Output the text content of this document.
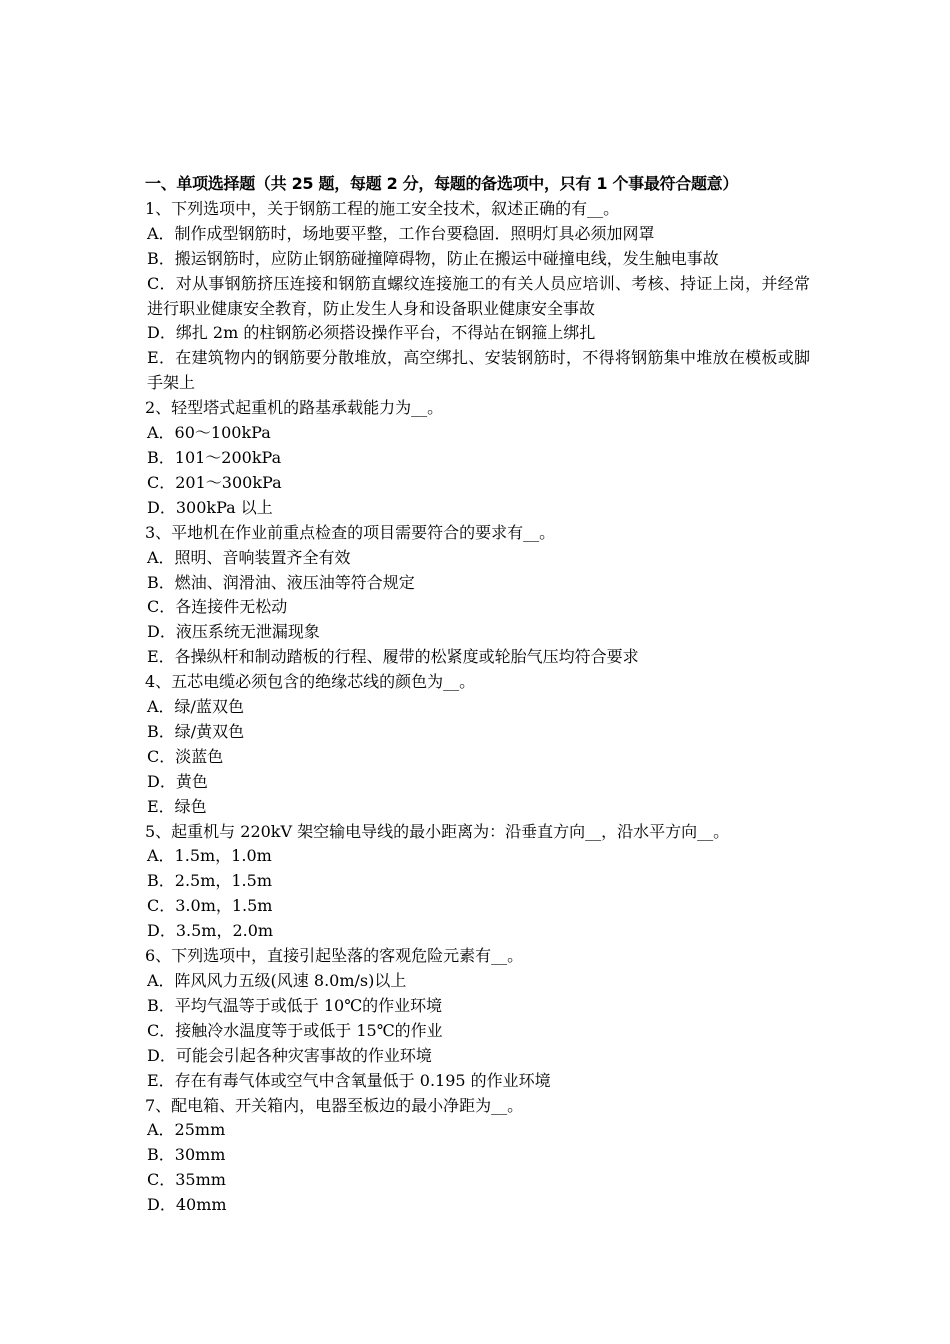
一、单项选择题（共 25 题，每题 2 分，每题的备选项中，只有 1 个事最符合题意）
1、下列选项中，关于钢筋工程的施工安全技术，叙述正确的有__。
A．制作成型钢筋时，场地要平整，工作台要稳固．照明灯具必须加网罩
B．搬运钢筋时，应防止钢筋碰撞障碍物，防止在搬运中碰撞电线，发生触电事故
C．对从事钢筋挤压连接和钢筋直螺纹连接施工的有关人员应培训、考核、持证上岗，并经常进行职业健康安全教育，防止发生人身和设备职业健康安全事故
D．绑扎 2m 的柱钢筋必须搭设操作平台，不得站在钢箍上绑扎
E．在建筑物内的钢筋要分散堆放，高空绑扎、安装钢筋时，不得将钢筋集中堆放在模板或脚手架上
2、轻型塔式起重机的路基承载能力为__。
A．60～100kPa
B．101～200kPa
C．201～300kPa
D．300kPa 以上
3、平地机在作业前重点检查的项目需要符合的要求有__。
A．照明、音响装置齐全有效
B．燃油、润滑油、液压油等符合规定
C．各连接件无松动
D．液压系统无泄漏现象
E．各操纵杆和制动踏板的行程、履带的松紧度或轮胎气压均符合要求
4、五芯电缆必须包含的绝缘芯线的颜色为__。
A．绿/蓝双色
B．绿/黄双色
C．淡蓝色
D．黄色
E．绿色
5、起重机与 220kV 架空输电导线的最小距离为：沿垂直方向__，沿水平方向__。
A．1.5m，1.0m
B．2.5m，1.5m
C．3.0m，1.5m
D．3.5m，2.0m
6、下列选项中，直接引起坠落的客观危险元素有__。
A．阵风风力五级(风速 8.0m/s)以上
B．平均气温等于或低于 10℃的作业环境
C．接触冷水温度等于或低于 15℃的作业
D．可能会引起各种灾害事故的作业环境
E．存在有毒气体或空气中含氧量低于 0.195 的作业环境
7、配电箱、开关箱内，电器至板边的最小净距为__。
A．25mm
B．30mm
C．35mm
D．40mm
